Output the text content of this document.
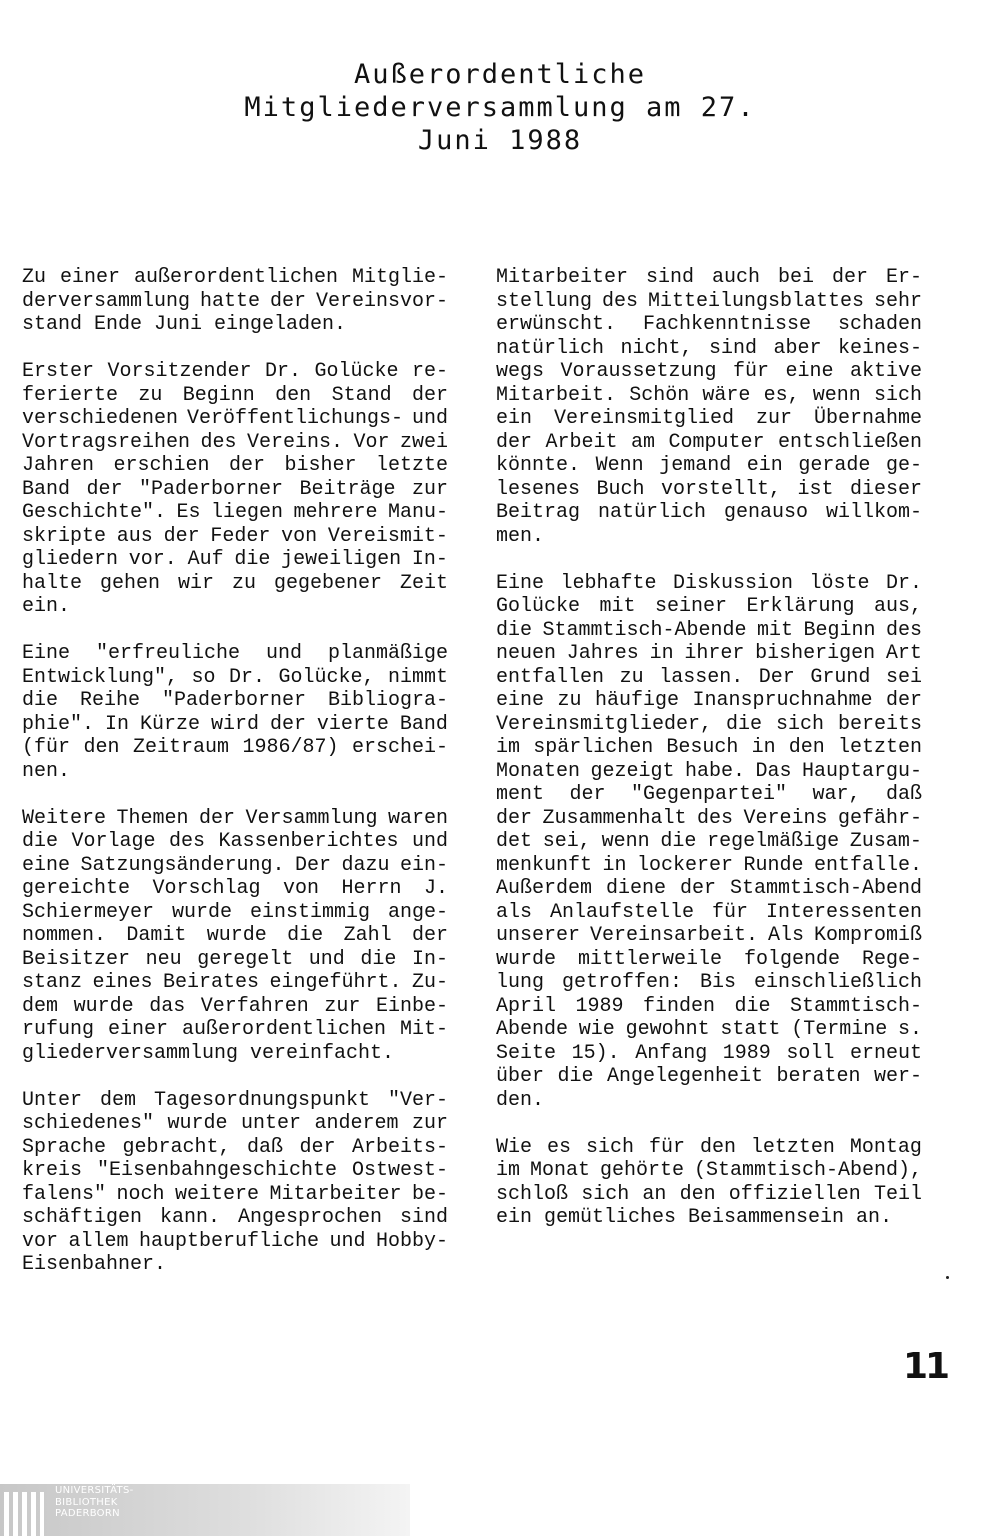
Außerordentliche
Mitgliederversammlung am 27.
Juni 1988
Zu einer außerordentlichen Mitglie-
derversammlung hatte der Vereinsvor-
stand Ende Juni eingeladen.
Erster Vorsitzender Dr. Golücke re-
ferierte zu Beginn den Stand der
verschiedenen Veröffentlichungs- und
Vortragsreihen des Vereins. Vor zwei
Jahren erschien der bisher letzte
Band der "Paderborner Beiträge zur
Geschichte". Es liegen mehrere Manu-
skripte aus der Feder von Vereismit-
gliedern vor. Auf die jeweiligen In-
halte gehen wir zu gegebener Zeit
ein.
Eine "erfreuliche und planmäßige
Entwicklung", so Dr. Golücke, nimmt
die Reihe "Paderborner Bibliogra-
phie". In Kürze wird der vierte Band
(für den Zeitraum 1986/87) erschei-
nen.
Weitere Themen der Versammlung waren
die Vorlage des Kassenberichtes und
eine Satzungsänderung. Der dazu ein-
gereichte Vorschlag von Herrn J.
Schiermeyer wurde einstimmig ange-
nommen. Damit wurde die Zahl der
Beisitzer neu geregelt und die In-
stanz eines Beirates eingeführt. Zu-
dem wurde das Verfahren zur Einbe-
rufung einer außerordentlichen Mit-
gliederversammlung vereinfacht.
Unter dem Tagesordnungspunkt "Ver-
schiedenes" wurde unter anderem zur
Sprache gebracht, daß der Arbeits-
kreis "Eisenbahngeschichte Ostwest-
falens" noch weitere Mitarbeiter be-
schäftigen kann. Angesprochen sind
vor allem hauptberufliche und Hobby-
Eisenbahner.
Mitarbeiter sind auch bei der Er-
stellung des Mitteilungsblattes sehr
erwünscht. Fachkenntnisse schaden
natürlich nicht, sind aber keines-
wegs Voraussetzung für eine aktive
Mitarbeit. Schön wäre es, wenn sich
ein Vereinsmitglied zur Übernahme
der Arbeit am Computer entschließen
könnte. Wenn jemand ein gerade ge-
lesenes Buch vorstellt, ist dieser
Beitrag natürlich genauso willkom-
men.
Eine lebhafte Diskussion löste Dr.
Golücke mit seiner Erklärung aus,
die Stammtisch-Abende mit Beginn des
neuen Jahres in ihrer bisherigen Art
entfallen zu lassen. Der Grund sei
eine zu häufige Inanspruchnahme der
Vereinsmitglieder, die sich bereits
im spärlichen Besuch in den letzten
Monaten gezeigt habe. Das Hauptargu-
ment der "Gegenpartei" war, daß
der Zusammenhalt des Vereins gefähr-
det sei, wenn die regelmäßige Zusam-
menkunft in lockerer Runde entfalle.
Außerdem diene der Stammtisch-Abend
als Anlaufstelle für Interessenten
unserer Vereinsarbeit. Als Kompromiß
wurde mittlerweile folgende Rege-
lung getroffen: Bis einschließlich
April 1989 finden die Stammtisch-
Abende wie gewohnt statt (Termine s.
Seite 15). Anfang 1989 soll erneut
über die Angelegenheit beraten wer-
den.
Wie es sich für den letzten Montag
im Monat gehörte (Stammtisch-Abend),
schloß sich an den offiziellen Teil
ein gemütliches Beisammensein an.
11
UNIVERSITÄTS-
BIBLIOTHEK
PADERBORN
